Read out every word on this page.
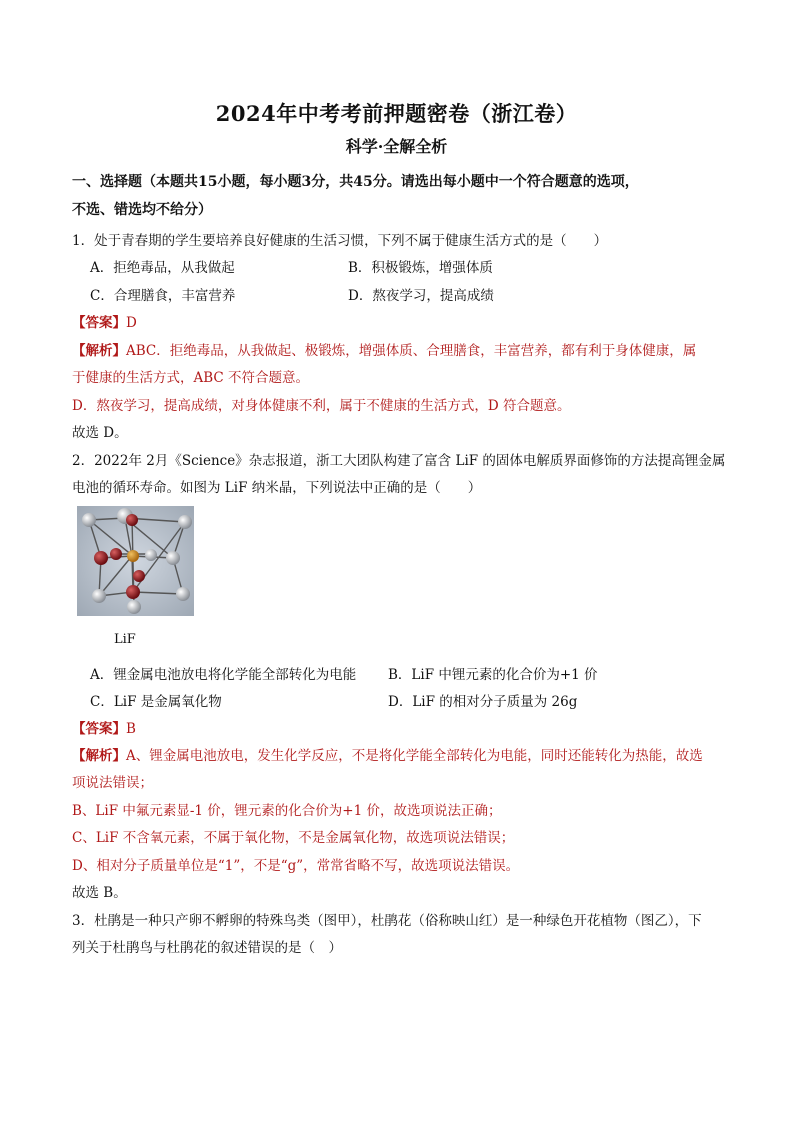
2024年中考考前押题密卷（浙江卷）
科学·全解全析
一、选择题（本题共15小题，每小题3分，共45分。请选出每小题中一个符合题意的选项，
不选、错选均不给分）
1．处于青春期的学生要培养良好健康的生活习惯，下列不属于健康生活方式的是（　　）
A．拒绝毒品，从我做起	B．积极锻炼，增强体质
C．合理膳食，丰富营养	D．熬夜学习，提高成绩
【答案】D
【解析】ABC．拒绝毒品，从我做起、极锻炼，增强体质、合理膳食，丰富营养，都有利于身体健康，属
于健康的生活方式，ABC 不符合题意。
D．熬夜学习，提高成绩，对身体健康不利，属于不健康的生活方式，D 符合题意。
故选 D。
2．2022年 2月《Science》杂志报道，浙工大团队构建了富含 LiF 的固体电解质界面修饰的方法提高锂金属
电池的循环寿命。如图为 LiF 纳米晶，下列说法中正确的是（　　）
LiF
A．锂金属电池放电将化学能全部转化为电能 B．LiF 中锂元素的化合价为+1 价
C．LiF 是金属氧化物	D．LiF 的相对分子质量为 26g
【答案】B
【解析】A、锂金属电池放电，发生化学反应，不是将化学能全部转化为电能，同时还能转化为热能，故选
项说法错误；
B、LiF 中氟元素显-1 价，锂元素的化合价为+1 价，故选项说法正确；
C、LiF 不含氧元素，不属于氧化物，不是金属氧化物，故选项说法错误；
D、相对分子质量单位是“1”，不是“g”，常常省略不写，故选项说法错误。
故选 B。
3．杜鹃是一种只产卵不孵卵的特殊鸟类（图甲），杜鹃花（俗称映山红）是一种绿色开花植物（图乙），下
列关于杜鹃鸟与杜鹃花的叙述错误的是（　）
